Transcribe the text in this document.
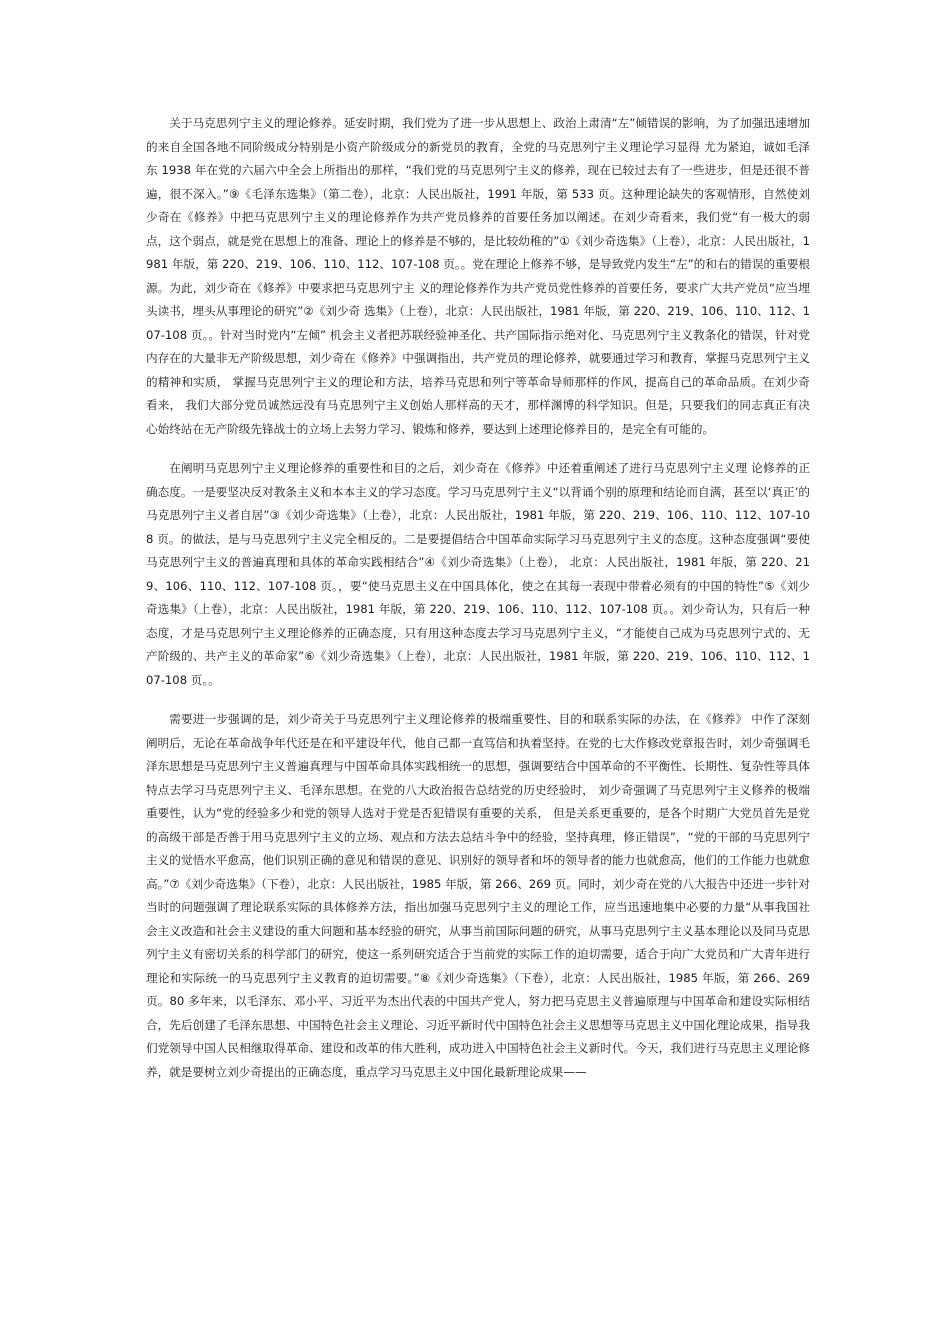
关于马克思列宁主义的理论修养。延安时期，我们党为了进一步从思想上、政治上肃清“左”倾错误的影响，为了加强迅速增加的来自全国各地不同阶级成分特别是小资产阶级成分的新党员的教育，全党的马克思列宁主义理论学习显得 尤为紧迫，诚如毛泽东 1938 年在党的六届六中全会上所指出的那样，“我们党的马克思列宁主义的修养，现在已较过去有了一些进步，但是还很不普遍，很不深入。”⑨《毛泽东选集》（第二卷），北京：人民出版社，1991 年版，第 533 页。这种理论缺失的客观情形，自然使刘少奇在《修养》中把马克思列宁主义的理论修养作为共产党员修养的首要任务加以阐述。在刘少奇看来，我们党“有一极大的弱点，这个弱点，就是党在思想上的准备、理论上的修养是不够的，是比较幼稚的”①《刘少奇选集》（上卷），北京：人民出版社，1981 年版，第 220、219、106、110、112、107-108 页。。党在理论上修养不够，是导致党内发生“左”的和右的错误的重要根源。为此，刘少奇在《修养》中要求把马克思列宁主 义的理论修养作为共产党员党性修养的首要任务，要求广大共产党员“应当埋头读书，埋头从事理论的研究”②《刘少奇 选集》（上卷），北京：人民出版社，1981 年版，第 220、219、106、110、112、107-108 页。。针对当时党内“左倾” 机会主义者把苏联经验神圣化、共产国际指示绝对化、马克思列宁主义教条化的错误，针对党内存在的大量非无产阶级思想，刘少奇在《修养》中强调指出，共产党员的理论修养，就要通过学习和教育，掌握马克思列宁主义的精神和实质， 掌握马克思列宁主义的理论和方法，培养马克思和列宁等革命导师那样的作风，提高自己的革命品质。在刘少奇看来， 我们大部分党员诚然远没有马克思列宁主义创始人那样高的天才，那样渊博的科学知识。但是，只要我们的同志真正有决心始终站在无产阶级先锋战士的立场上去努力学习、锻炼和修养，要达到上述理论修养目的，是完全有可能的。

在阐明马克思列宁主义理论修养的重要性和目的之后，刘少奇在《修养》中还着重阐述了进行马克思列宁主义理 论修养的正确态度。一是要坚决反对教条主义和本本主义的学习态度。学习马克思列宁主义“以背诵个别的原理和结论而自满，甚至以‘真正’的马克思列宁主义者自居”③《刘少奇选集》（上卷），北京：人民出版社，1981 年版，第 220、219、106、110、112、107-108 页。的做法，是与马克思列宁主义完全相反的。二是要提倡结合中国革命实际学习马克思列宁主义的态度。这种态度强调“要使马克思列宁主义的普遍真理和具体的革命实践相结合”④《刘少奇选集》（上卷）， 北京：人民出版社，1981 年版，第 220、219、106、110、112、107-108 页。，要“使马克思主义在中国具体化，使之在其每一表现中带着必须有的中国的特性”⑤《刘少奇选集》（上卷），北京：人民出版社，1981 年版，第 220、219、106、110、112、107-108 页。。刘少奇认为，只有后一种态度，才是马克思列宁主义理论修养的正确态度，只有用这种态度去学习马克思列宁主义，“才能使自己成为马克思列宁式的、无产阶级的、共产主义的革命家”⑥《刘少奇选集》（上卷），北京：人民出版社，1981 年版，第 220、219、106、110、112、107-108 页。。

需要进一步强调的是，刘少奇关于马克思列宁主义理论修养的极端重要性、目的和联系实际的办法，在《修养》 中作了深刻阐明后，无论在革命战争年代还是在和平建设年代，他自己都一直笃信和执着坚持。在党的七大作修改党章报告时，刘少奇强调毛泽东思想是马克思列宁主义普遍真理与中国革命具体实践相统一的思想，强调要结合中国革命的不平衡性、长期性、复杂性等具体特点去学习马克思列宁主义、毛泽东思想。在党的八大政治报告总结党的历史经验时， 刘少奇强调了马克思列宁主义修养的极端重要性，认为“党的经验多少和党的领导人选对于党是否犯错误有重要的关系， 但是关系更重要的，是各个时期广大党员首先是党的高级干部是否善于用马克思列宁主义的立场、观点和方法去总结斗争中的经验，坚持真理，修正错误”，“党的干部的马克思列宁主义的觉悟水平愈高，他们识别正确的意见和错误的意见、识别好的领导者和坏的领导者的能力也就愈高，他们的工作能力也就愈高。”⑦《刘少奇选集》（下卷），北京：人民出版社，1985 年版，第 266、269 页。同时，刘少奇在党的八大报告中还进一步针对当时的问题强调了理论联系实际的具体修养方法，指出加强马克思列宁主义的理论工作，应当迅速地集中必要的力量“从事我国社会主义改造和社会主义建设的重大问题和基本经验的研究，从事当前国际问题的研究，从事马克思列宁主义基本理论以及同马克思列宁主义有密切关系的科学部门的研究，使这一系列研究适合于当前党的实际工作的迫切需要，适合于向广大党员和广大青年进行理论和实际统一的马克思列宁主义教育的迫切需要。”⑧《刘少奇选集》（下卷），北京：人民出版社，1985 年版，第 266、269 页。80 多年来，以毛泽东、邓小平、习近平为杰出代表的中国共产党人，努力把马克思主义普遍原理与中国革命和建设实际相结合，先后创建了毛泽东思想、中国特色社会主义理论、习近平新时代中国特色社会主义思想等马克思主义中国化理论成果，指导我们党领导中国人民相继取得革命、建设和改革的伟大胜利，成功进入中国特色社会主义新时代。今天，我们进行马克思主义理论修养，就是要树立刘少奇提出的正确态度，重点学习马克思主义中国化最新理论成果——
